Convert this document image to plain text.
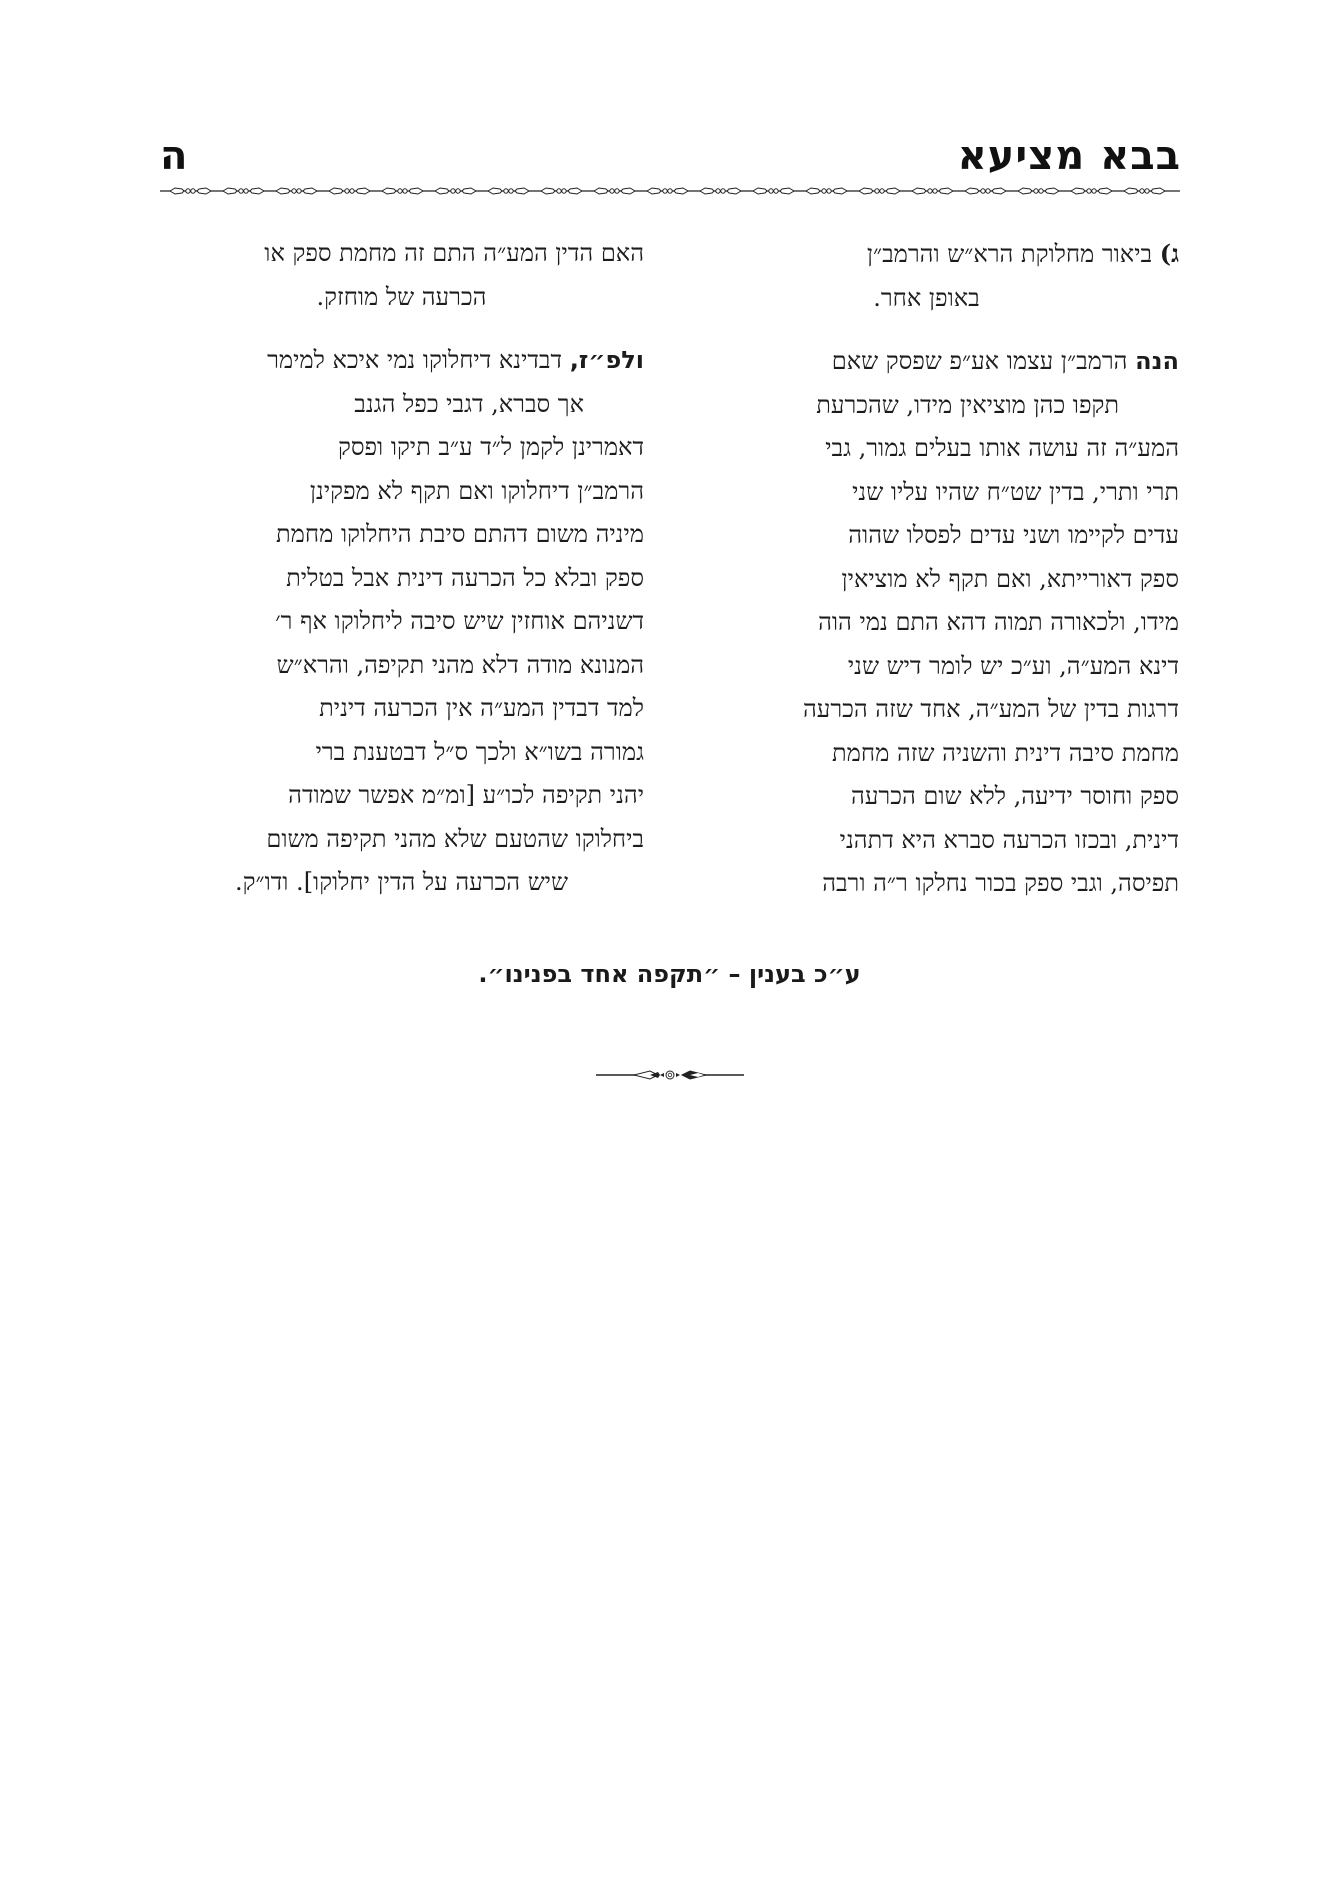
בבא מציעא
ה

ג) ביאור מחלוקת הרא״ש והרמב״ן

באופן אחר.

הנה הרמב״ן עצמו אע״פ שפסק שאם

תקפו כהן מוציאין מידו, שהכרעת

המע״ה זה עושה אותו בעלים גמור, גבי

תרי ותרי, בדין שט״ח שהיו עליו שני

עדים לקיימו ושני עדים לפסלו שהוה

ספק דאורייתא, ואם תקף לא מוציאין

מידו, ולכאורה תמוה דהא התם נמי הוה

דינא המע״ה, וע״כ יש לומר דיש שני

דרגות בדין של המע״ה, אחד שזה הכרעה

מחמת סיבה דינית והשניה שזה מחמת

ספק וחוסר ידיעה, ללא שום הכרעה

דינית, ובכזו הכרעה סברא היא דתהני

תפיסה, וגבי ספק בכור נחלקו ר״ה ורבה

האם הדין המע״ה התם זה מחמת ספק או

הכרעה של מוחזק.

ולפ״ז, דבדינא דיחלוקו נמי איכא למימר

אך סברא, דגבי כפל הגנב

דאמרינן לקמן ל״ד ע״ב תיקו ופסק

הרמב״ן דיחלוקו ואם תקף לא מפקינן

מיניה משום דהתם סיבת היחלוקו מחמת

ספק ובלא כל הכרעה דינית אבל בטלית

דשניהם אוחזין שיש סיבה ליחלוקו אף ר׳

המנונא מודה דלא מהני תקיפה, והרא״ש

למד דבדין המע״ה אין הכרעה דינית

גמורה בשו״א ולכך ס״ל דבטענת ברי

יהני תקיפה לכו״ע [ומ״מ אפשר שמודה

ביחלוקו שהטעם שלא מהני תקיפה משום

שיש הכרעה על הדין יחלוקו]. ודו״ק.

ע״כ בענין – ״תקפה אחד בפנינו״.
